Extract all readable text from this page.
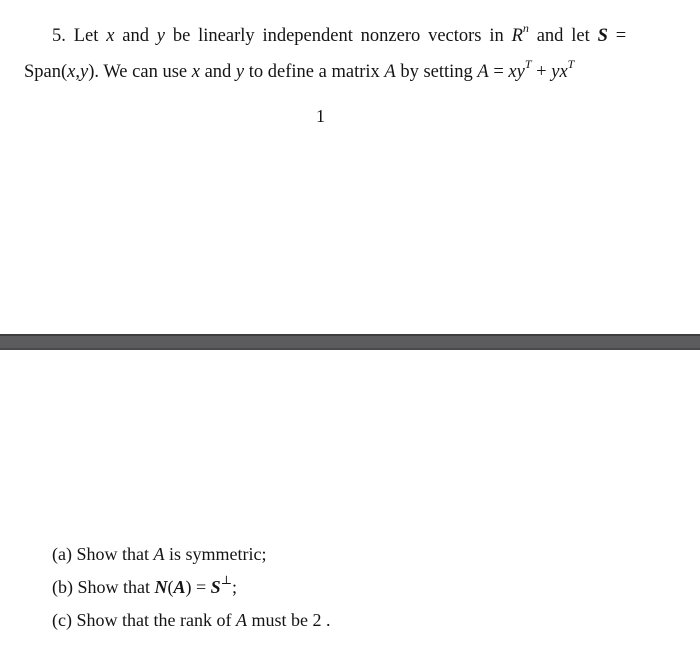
5. Let x and y be linearly independent nonzero vectors in $R^n$ and let S =
Span(x,y). We can use x and y to define a matrix A by setting $A = xy^T + yx^T$
1
(a) Show that A is symmetric;
(b) Show that N(A) = S⊥;
(c) Show that the rank of A must be 2 .
